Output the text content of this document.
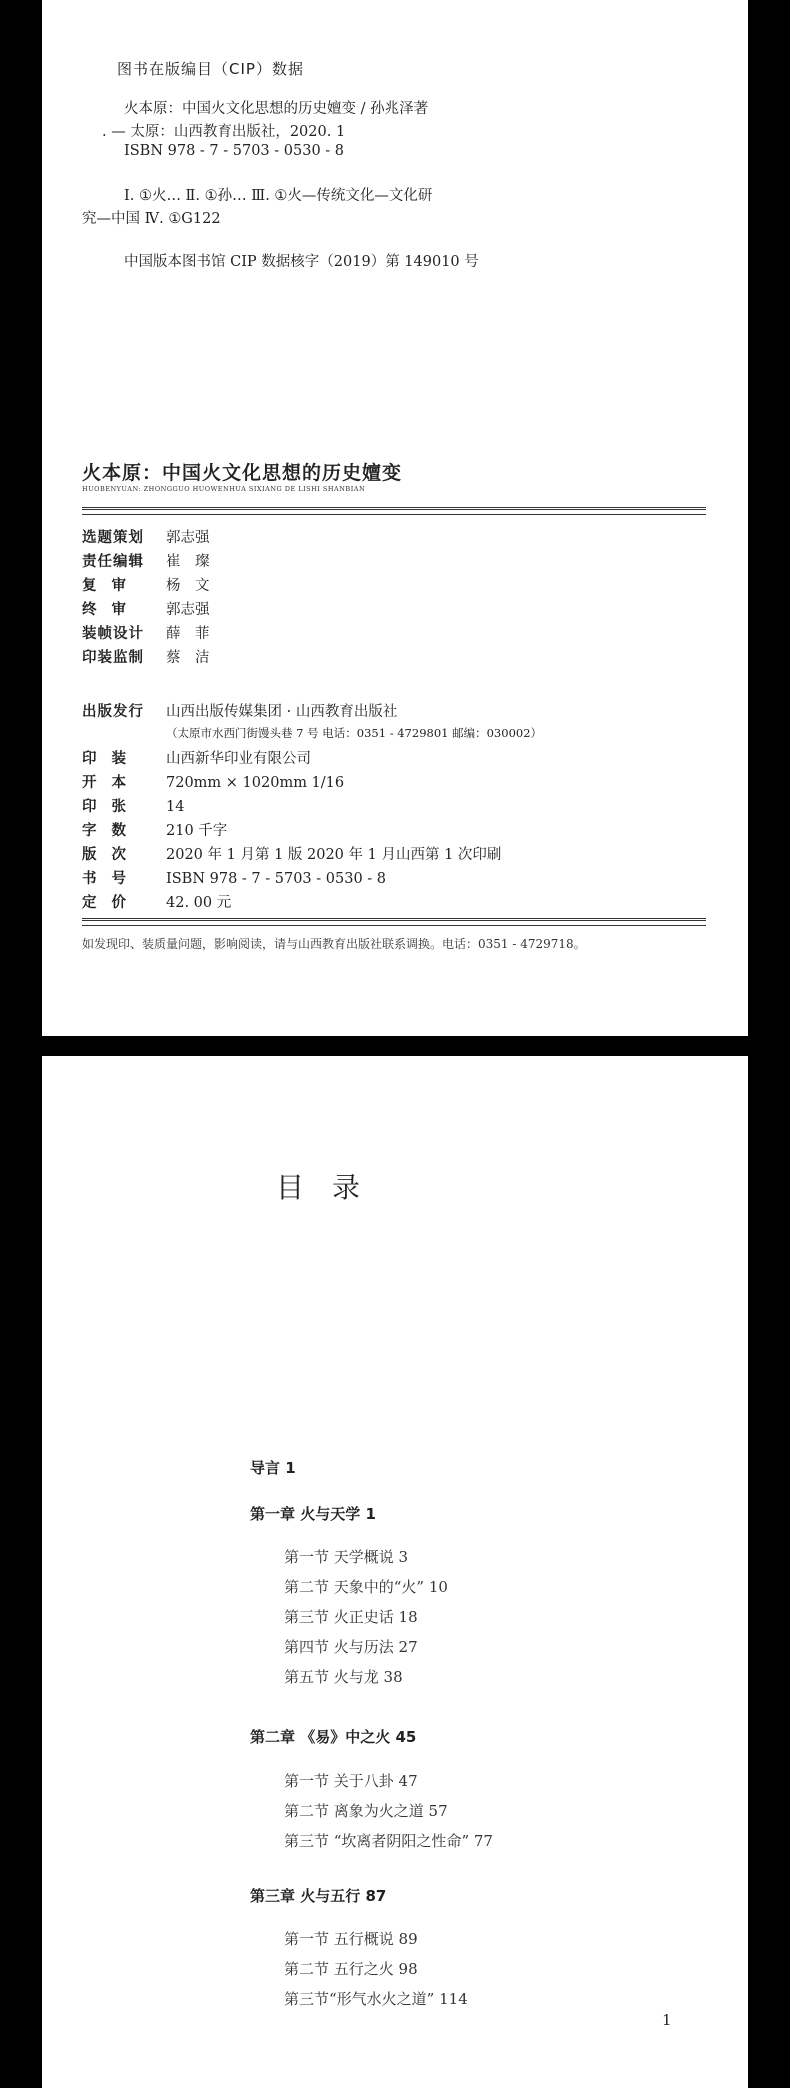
图书在版编目（CIP）数据
火本原：中国火文化思想的历史嬗变 / 孙兆泽著
. — 太原：山西教育出版社，2020. 1
ISBN 978 - 7 - 5703 - 0530 - 8
Ⅰ. ①火… Ⅱ. ①孙… Ⅲ. ①火—传统文化—文化研
究—中国 Ⅳ. ①G122
中国版本图书馆 CIP 数据核字（2019）第 149010 号
火本原：中国火文化思想的历史嬗变
HUOBENYUAN: ZHONGGUO HUOWENHUA SIXIANG DE LISHI SHANBIAN
选题策划 郭志强
责任编辑 崔　璨
复审 杨　文
终审 郭志强
装帧设计 薛　菲
印装监制 蔡　洁
出版发行 山西出版传媒集团 · 山西教育出版社
（太原市水西门街馒头巷 7 号 电话：0351 - 4729801 邮编：030002）
印装 山西新华印业有限公司
开本 720mm × 1020mm 1/16
印张 14
字数 210 千字
版次 2020 年 1 月第 1 版 2020 年 1 月山西第 1 次印刷
书号 ISBN 978 - 7 - 5703 - 0530 - 8
定价 42. 00 元
如发现印、装质量问题，影响阅读，请与山西教育出版社联系调换。电话：0351 - 4729718。
目录
导言 1
第一章 火与天学 1
第一节 天学概说 3
第二节 天象中的“火” 10
第三节 火正史话 18
第四节 火与历法 27
第五节 火与龙 38
第二章 《易》中之火 45
第一节 关于八卦 47
第二节 离象为火之道 57
第三节 “坎离者阴阳之性命” 77
第三章 火与五行 87
第一节 五行概说 89
第二节 五行之火 98
第三节“形气水火之道” 114
1
